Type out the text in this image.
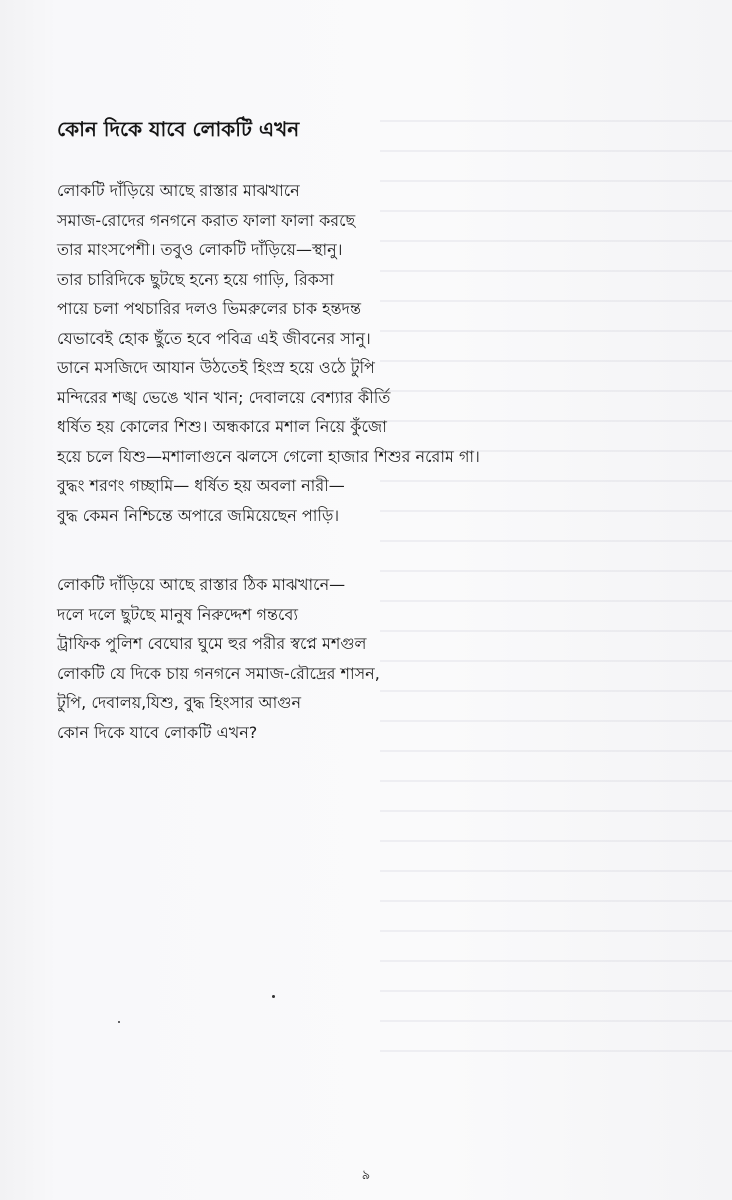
কোন দিকে যাবে লোকটি এখন
লোকটি দাঁড়িয়ে আছে রাস্তার মাঝখানে
সমাজ-রোদের গনগনে করাত ফালা ফালা করছে
তার মাংসপেশী। তবুও লোকটি দাঁড়িয়ে—স্থানু।
তার চারিদিকে ছুটছে হন্যে হয়ে গাড়ি, রিকসা
পায়ে চলা পথচারির দলও ভিমরুলের চাক হন্তদন্ত
যেভাবেই হোক ছুঁতে হবে পবিত্র এই জীবনের সানু।
ডানে মসজিদে আযান উঠতেই হিংস্র হয়ে ওঠে টুপি
মন্দিরের শঙ্খ ভেঙে খান খান; দেবালয়ে বেশ্যার কীর্তি
ধর্ষিত হয় কোলের শিশু। অন্ধকারে মশাল নিয়ে কুঁজো
হয়ে চলে যিশু—মশালাগুনে ঝলসে গেলো হাজার শিশুর নরোম গা।
বুদ্ধং শরণং গচ্ছামি— ধর্ষিত হয় অবলা নারী—
বুদ্ধ কেমন নিশ্চিন্তে অপারে জমিয়েছেন পাড়ি।
লোকটি দাঁড়িয়ে আছে রাস্তার ঠিক মাঝখানে—
দলে দলে ছুটছে মানুষ নিরুদ্দেশ গন্তব্যে
ট্রাফিক পুলিশ বেঘোর ঘুমে হুর পরীর স্বপ্নে মশগুল
লোকটি যে দিকে চায় গনগনে সমাজ-রৌদ্রের শাসন,
টুপি, দেবালয়,যিশু, বুদ্ধ হিংসার আগুন
কোন দিকে যাবে লোকটি এখন?
৯
